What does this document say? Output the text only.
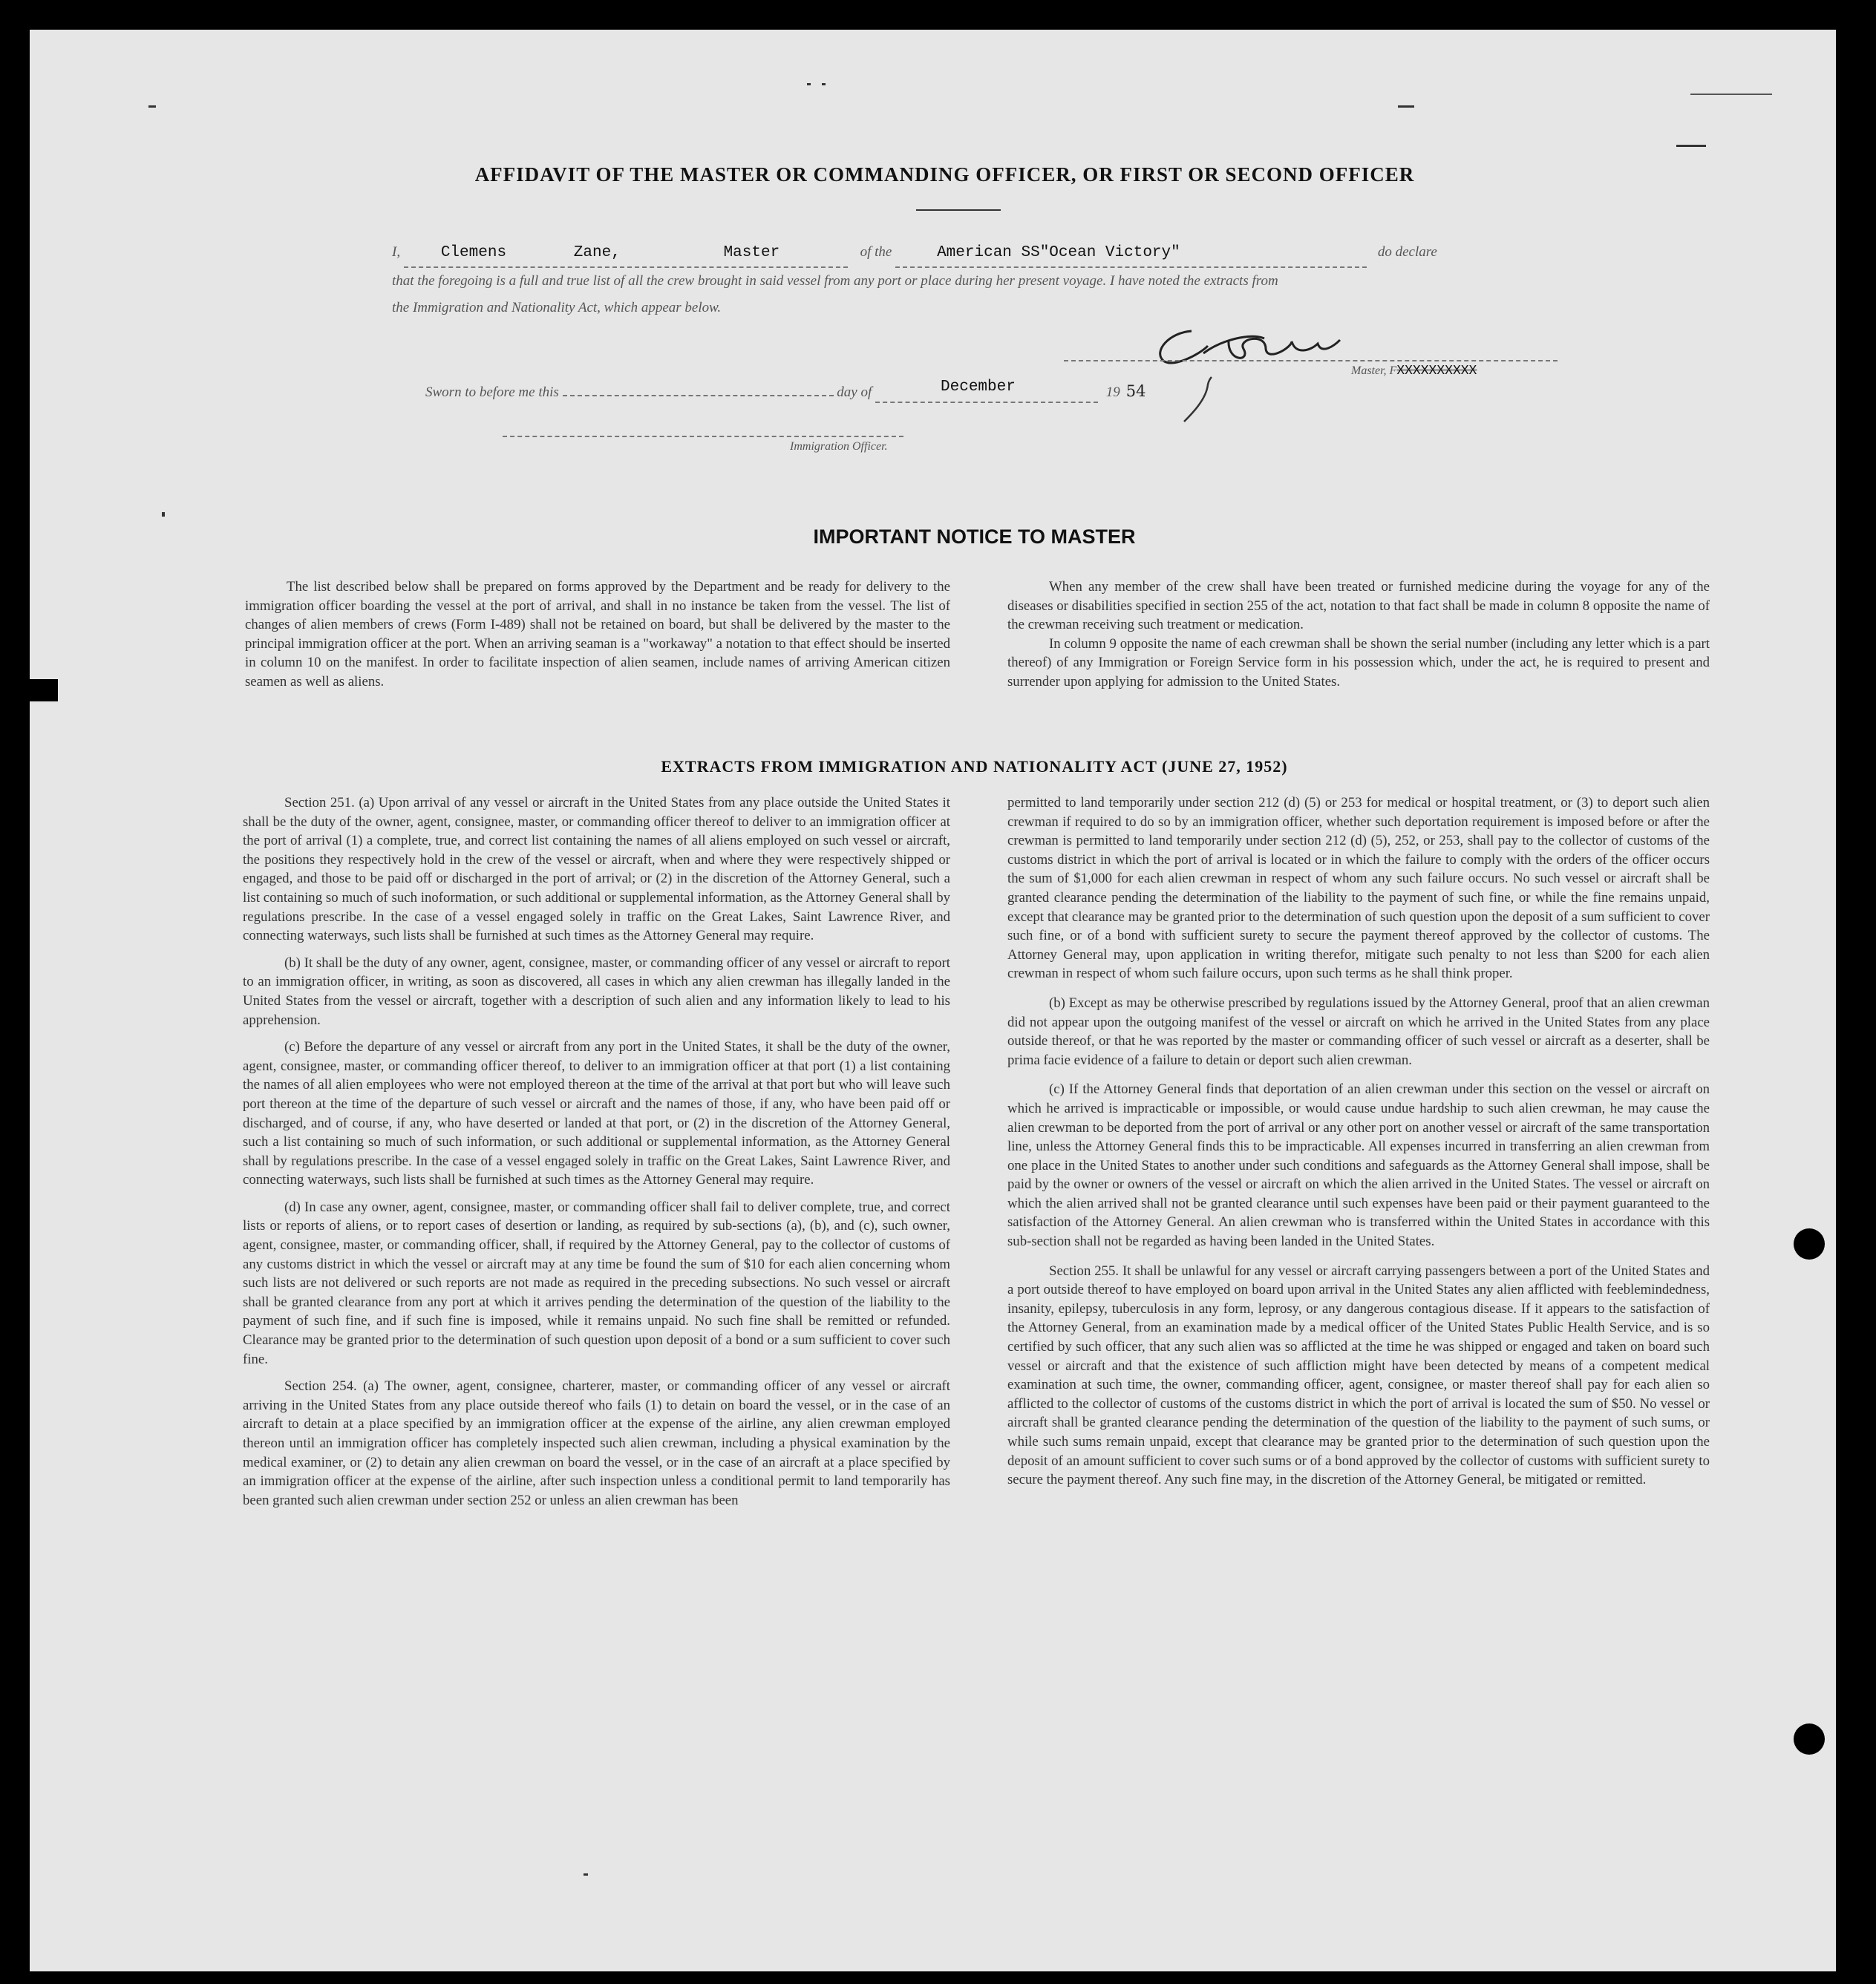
AFFIDAVIT OF THE MASTER OR COMMANDING OFFICER, OR FIRST OR SECOND OFFICER
I,	Clemens	Zane,	Master	of the	American SS"Ocean Victory"	do declare
that the foregoing is a full and true list of all the crew brought in said vessel from any port or place during her present voyage. I have noted the extracts from
the Immigration and Nationality Act, which appear below.
Master, FXXXXXXXXXX
Sworn to before me this	day of	December	19 54
Immigration Officer.
IMPORTANT NOTICE TO MASTER

The list described below shall be prepared on forms approved by the Department and be ready for delivery to the immigration officer boarding the vessel at the port of arrival, and shall in no instance be taken from the vessel. The list of changes of alien members of crews (Form I-489) shall not be retained on board, but shall be delivered by the master to the principal immigration officer at the port. When an arriving seaman is a "workaway" a notation to that effect should be inserted in column 10 on the manifest. In order to facilitate inspection of alien seamen, include names of arriving American citizen seamen as well as aliens.

When any member of the crew shall have been treated or furnished medicine during the voyage for any of the diseases or disabilities specified in section 255 of the act, notation to that fact shall be made in column 8 opposite the name of the crewman receiving such treatment or medication.

In column 9 opposite the name of each crewman shall be shown the serial number (including any letter which is a part thereof) of any Immigration or Foreign Service form in his possession which, under the act, he is required to present and surrender upon applying for admission to the United States.

EXTRACTS FROM IMMIGRATION AND NATIONALITY ACT (JUNE 27, 1952)

Section 251. (a) Upon arrival of any vessel or aircraft in the United States from any place outside the United States it shall be the duty of the owner, agent, consignee, master, or commanding officer thereof to deliver to an immigration officer at the port of arrival (1) a complete, true, and correct list containing the names of all aliens employed on such vessel or aircraft, the positions they respectively hold in the crew of the vessel or aircraft, when and where they were respectively shipped or engaged, and those to be paid off or discharged in the port of arrival; or (2) in the discretion of the Attorney General, such a list containing so much of such inoformation, or such additional or supplemental information, as the Attorney General shall by regulations prescribe. In the case of a vessel engaged solely in traffic on the Great Lakes, Saint Lawrence River, and connecting waterways, such lists shall be furnished at such times as the Attorney General may require.

(b) It shall be the duty of any owner, agent, consignee, master, or commanding officer of any vessel or aircraft to report to an immigration officer, in writing, as soon as discovered, all cases in which any alien crewman has illegally landed in the United States from the vessel or aircraft, together with a description of such alien and any information likely to lead to his apprehension.

(c) Before the departure of any vessel or aircraft from any port in the United States, it shall be the duty of the owner, agent, consignee, master, or commanding officer thereof, to deliver to an immigration officer at that port (1) a list containing the names of all alien employees who were not employed thereon at the time of the arrival at that port but who will leave such port thereon at the time of the departure of such vessel or aircraft and the names of those, if any, who have been paid off or discharged, and of course, if any, who have deserted or landed at that port, or (2) in the discretion of the Attorney General, such a list containing so much of such information, or such additional or supplemental information, as the Attorney General shall by regulations prescribe. In the case of a vessel engaged solely in traffic on the Great Lakes, Saint Lawrence River, and connecting waterways, such lists shall be furnished at such times as the Attorney General may require.

(d) In case any owner, agent, consignee, master, or commanding officer shall fail to deliver complete, true, and correct lists or reports of aliens, or to report cases of desertion or landing, as required by sub-sections (a), (b), and (c), such owner, agent, consignee, master, or commanding officer, shall, if required by the Attorney General, pay to the collector of customs of any customs district in which the vessel or aircraft may at any time be found the sum of $10 for each alien concerning whom such lists are not delivered or such reports are not made as required in the preceding subsections. No such vessel or aircraft shall be granted clearance from any port at which it arrives pending the determination of the question of the liability to the payment of such fine, and if such fine is imposed, while it remains unpaid. No such fine shall be remitted or refunded. Clearance may be granted prior to the determination of such question upon deposit of a bond or a sum sufficient to cover such fine.

Section 254. (a) The owner, agent, consignee, charterer, master, or commanding officer of any vessel or aircraft arriving in the United States from any place outside thereof who fails (1) to detain on board the vessel, or in the case of an aircraft to detain at a place specified by an immigration officer at the expense of the airline, any alien crewman employed thereon until an immigration officer has completely inspected such alien crewman, including a physical examination by the medical examiner, or (2) to detain any alien crewman on board the vessel, or in the case of an aircraft at a place specified by an immigration officer at the expense of the airline, after such inspection unless a conditional permit to land temporarily has been granted such alien crewman under section 252 or unless an alien crewman has been

permitted to land temporarily under section 212 (d) (5) or 253 for medical or hospital treatment, or (3) to deport such alien crewman if required to do so by an immigration officer, whether such deportation requirement is imposed before or after the crewman is permitted to land temporarily under section 212 (d) (5), 252, or 253, shall pay to the collector of customs of the customs district in which the port of arrival is located or in which the failure to comply with the orders of the officer occurs the sum of $1,000 for each alien crewman in respect of whom any such failure occurs. No such vessel or aircraft shall be granted clearance pending the determination of the liability to the payment of such fine, or while the fine remains unpaid, except that clearance may be granted prior to the determination of such question upon the deposit of a sum sufficient to cover such fine, or of a bond with sufficient surety to secure the payment thereof approved by the collector of customs. The Attorney General may, upon application in writing therefor, mitigate such penalty to not less than $200 for each alien crewman in respect of whom such failure occurs, upon such terms as he shall think proper.

(b) Except as may be otherwise prescribed by regulations issued by the Attorney General, proof that an alien crewman did not appear upon the outgoing manifest of the vessel or aircraft on which he arrived in the United States from any place outside thereof, or that he was reported by the master or commanding officer of such vessel or aircraft as a deserter, shall be prima facie evidence of a failure to detain or deport such alien crewman.

(c) If the Attorney General finds that deportation of an alien crewman under this section on the vessel or aircraft on which he arrived is impracticable or impossible, or would cause undue hardship to such alien crewman, he may cause the alien crewman to be deported from the port of arrival or any other port on another vessel or aircraft of the same transportation line, unless the Attorney General finds this to be impracticable. All expenses incurred in transferring an alien crewman from one place in the United States to another under such conditions and safeguards as the Attorney General shall impose, shall be paid by the owner or owners of the vessel or aircraft on which the alien arrived in the United States. The vessel or aircraft on which the alien arrived shall not be granted clearance until such expenses have been paid or their payment guaranteed to the satisfaction of the Attorney General. An alien crewman who is transferred within the United States in accordance with this sub-section shall not be regarded as having been landed in the United States.

Section 255. It shall be unlawful for any vessel or aircraft carrying passengers between a port of the United States and a port outside thereof to have employed on board upon arrival in the United States any alien afflicted with feeblemindedness, insanity, epilepsy, tuberculosis in any form, leprosy, or any dangerous contagious disease. If it appears to the satisfaction of the Attorney General, from an examination made by a medical officer of the United States Public Health Service, and is so certified by such officer, that any such alien was so afflicted at the time he was shipped or engaged and taken on board such vessel or aircraft and that the existence of such affliction might have been detected by means of a competent medical examination at such time, the owner, commanding officer, agent, consignee, or master thereof shall pay for each alien so afflicted to the collector of customs of the customs district in which the port of arrival is located the sum of $50. No vessel or aircraft shall be granted clearance pending the determination of the question of the liability to the payment of such sums, or while such sums remain unpaid, except that clearance may be granted prior to the determination of such question upon the deposit of an amount sufficient to cover such sums or of a bond approved by the collector of customs with sufficient surety to secure the payment thereof. Any such fine may, in the discretion of the Attorney General, be mitigated or remitted.
